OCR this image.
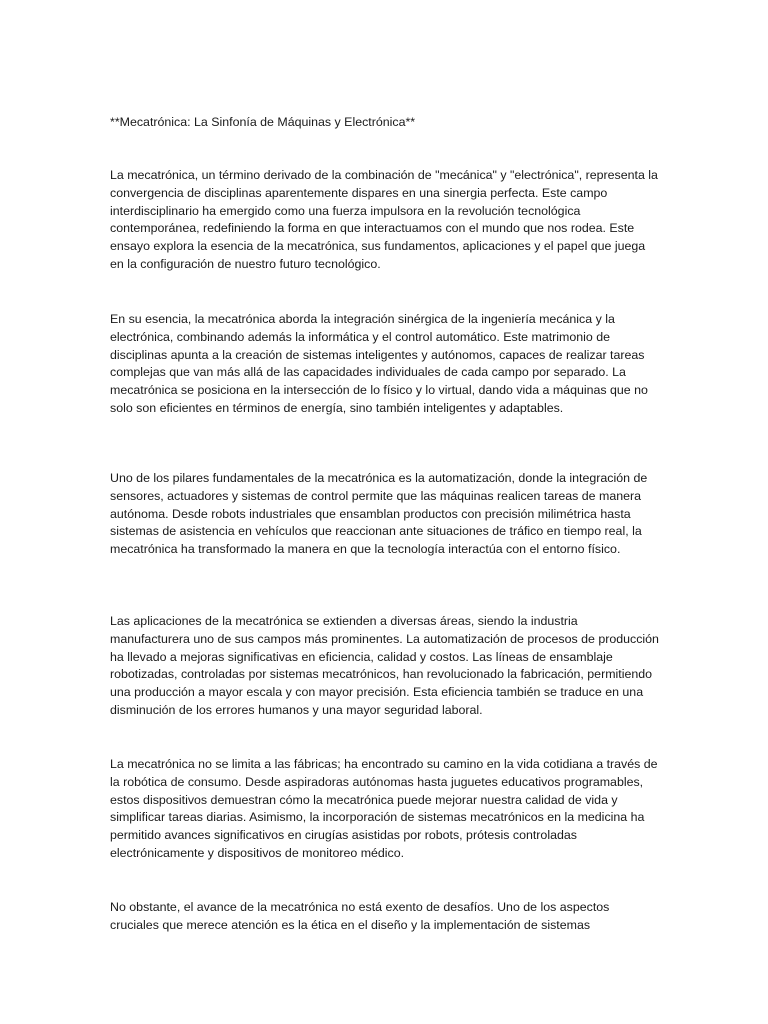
**Mecatrónica: La Sinfonía de Máquinas y Electrónica**

La mecatrónica, un término derivado de la combinación de "mecánica" y "electrónica", representa la convergencia de disciplinas aparentemente dispares en una sinergia perfecta. Este campo interdisciplinario ha emergido como una fuerza impulsora en la revolución tecnológica contemporánea, redefiniendo la forma en que interactuamos con el mundo que nos rodea. Este ensayo explora la esencia de la mecatrónica, sus fundamentos, aplicaciones y el papel que juega en la configuración de nuestro futuro tecnológico.

En su esencia, la mecatrónica aborda la integración sinérgica de la ingeniería mecánica y la electrónica, combinando además la informática y el control automático. Este matrimonio de disciplinas apunta a la creación de sistemas inteligentes y autónomos, capaces de realizar tareas complejas que van más allá de las capacidades individuales de cada campo por separado. La mecatrónica se posiciona en la intersección de lo físico y lo virtual, dando vida a máquinas que no solo son eficientes en términos de energía, sino también inteligentes y adaptables.

Uno de los pilares fundamentales de la mecatrónica es la automatización, donde la integración de sensores, actuadores y sistemas de control permite que las máquinas realicen tareas de manera autónoma. Desde robots industriales que ensamblan productos con precisión milimétrica hasta sistemas de asistencia en vehículos que reaccionan ante situaciones de tráfico en tiempo real, la mecatrónica ha transformado la manera en que la tecnología interactúa con el entorno físico.

Las aplicaciones de la mecatrónica se extienden a diversas áreas, siendo la industria manufacturera uno de sus campos más prominentes. La automatización de procesos de producción ha llevado a mejoras significativas en eficiencia, calidad y costos. Las líneas de ensamblaje robotizadas, controladas por sistemas mecatrónicos, han revolucionado la fabricación, permitiendo una producción a mayor escala y con mayor precisión. Esta eficiencia también se traduce en una disminución de los errores humanos y una mayor seguridad laboral.

La mecatrónica no se limita a las fábricas; ha encontrado su camino en la vida cotidiana a través de la robótica de consumo. Desde aspiradoras autónomas hasta juguetes educativos programables, estos dispositivos demuestran cómo la mecatrónica puede mejorar nuestra calidad de vida y simplificar tareas diarias. Asimismo, la incorporación de sistemas mecatrónicos en la medicina ha permitido avances significativos en cirugías asistidas por robots, prótesis controladas electrónicamente y dispositivos de monitoreo médico.

No obstante, el avance de la mecatrónica no está exento de desafíos. Uno de los aspectos cruciales que merece atención es la ética en el diseño y la implementación de sistemas
